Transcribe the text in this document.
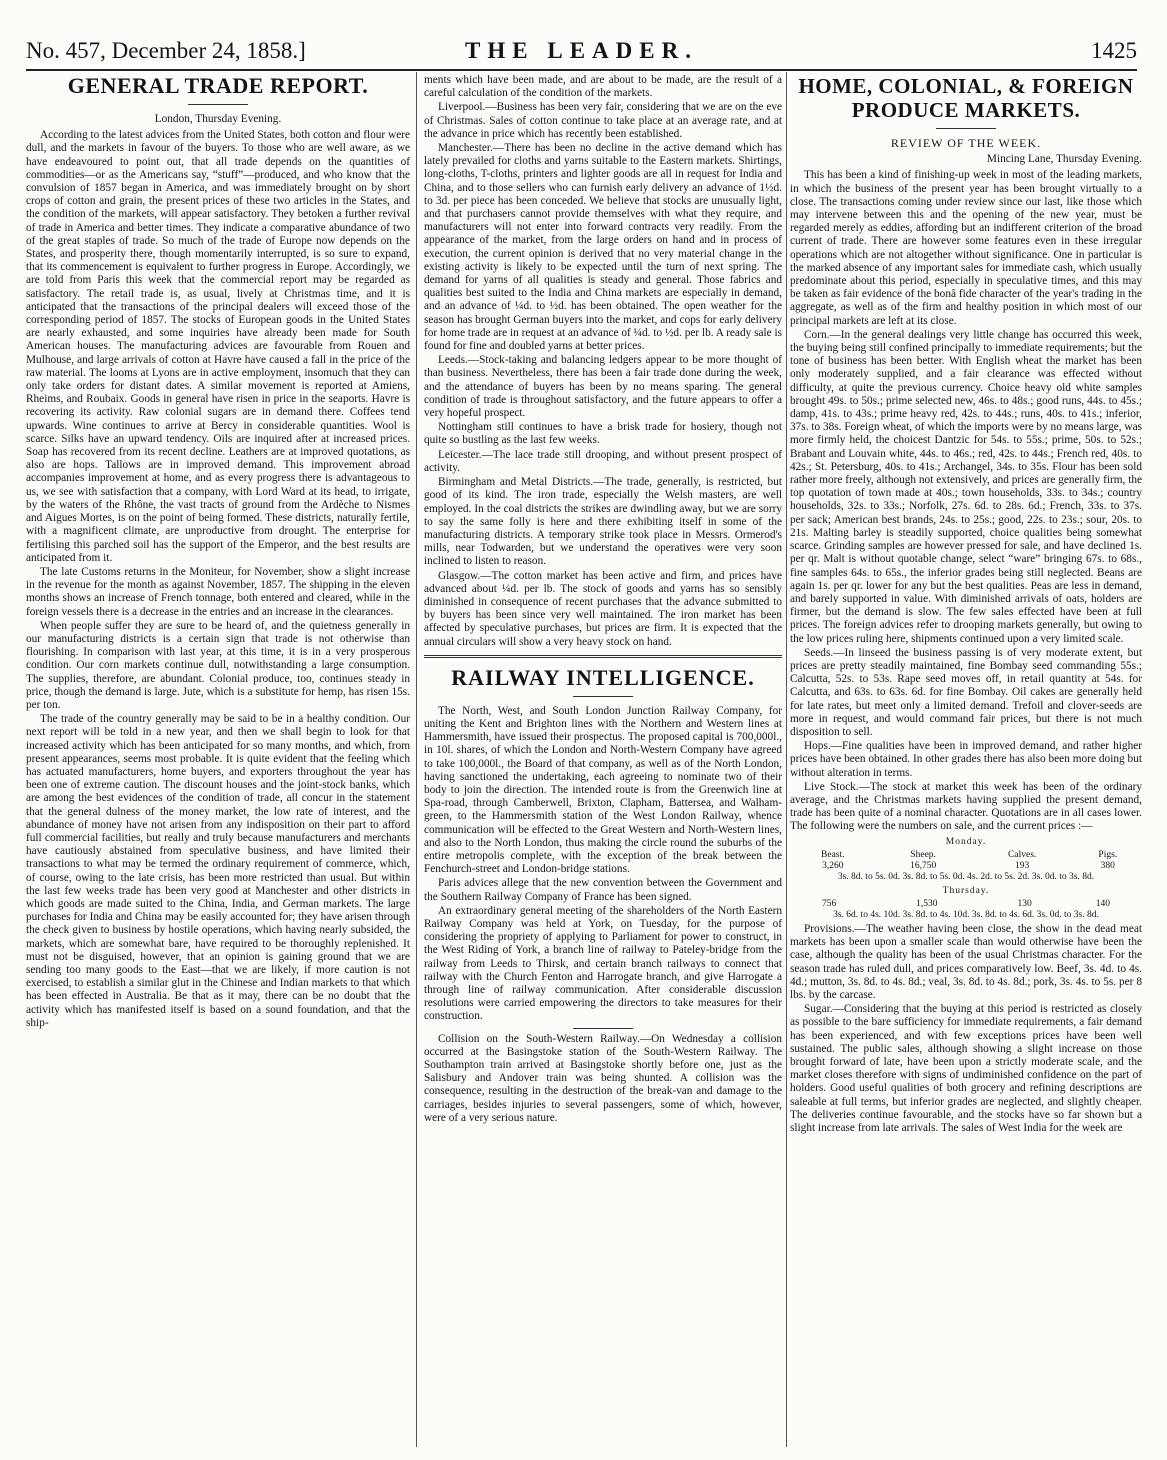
No. 457, December 24, 1858.]	THE LEADER.	1425
GENERAL TRADE REPORT.

London, Thursday Evening.

According to the latest advices from the United States, both cotton and flour were dull, and the markets in favour of the buyers. To those who are well aware, as we have endeavoured to point out, that all trade depends on the quantities of commodities—or as the Americans say, “stuff”—produced, and who know that the convulsion of 1857 began in America, and was immediately brought on by short crops of cotton and grain, the present prices of these two articles in the States, and the condition of the markets, will appear satisfactory. They betoken a further revival of trade in America and better times. They indicate a comparative abundance of two of the great staples of trade. So much of the trade of Europe now depends on the States, and prosperity there, though momentarily interrupted, is so sure to expand, that its commencement is equivalent to further progress in Europe. Accordingly, we are told from Paris this week that the commercial report may be regarded as satisfactory. The retail trade is, as usual, lively at Christmas time, and it is anticipated that the transactions of the principal dealers will exceed those of the corresponding period of 1857. The stocks of European goods in the United States are nearly exhausted, and some inquiries have already been made for South American houses. The manufacturing advices are favourable from Rouen and Mulhouse, and large arrivals of cotton at Havre have caused a fall in the price of the raw material. The looms at Lyons are in active employment, insomuch that they can only take orders for distant dates. A similar movement is reported at Amiens, Rheims, and Roubaix. Goods in general have risen in price in the seaports. Havre is recovering its activity. Raw colonial sugars are in demand there. Coffees tend upwards. Wine continues to arrive at Bercy in considerable quantities. Wool is scarce. Silks have an upward tendency. Oils are inquired after at increased prices. Soap has recovered from its recent decline. Leathers are at improved quotations, as also are hops. Tallows are in improved demand. This improvement abroad accompanies improvement at home, and as every progress there is advantageous to us, we see with satisfaction that a company, with Lord Ward at its head, to irrigate, by the waters of the Rhône, the vast tracts of ground from the Ardèche to Nismes and Aigues Mortes, is on the point of being formed. These districts, naturally fertile, with a magnificent climate, are unproductive from drought. The enterprise for fertilising this parched soil has the support of the Emperor, and the best results are anticipated from it.

The late Customs returns in the Moniteur, for November, show a slight increase in the revenue for the month as against November, 1857. The shipping in the eleven months shows an increase of French tonnage, both entered and cleared, while in the foreign vessels there is a decrease in the entries and an increase in the clearances.

When people suffer they are sure to be heard of, and the quietness generally in our manufacturing districts is a certain sign that trade is not otherwise than flourishing. In comparison with last year, at this time, it is in a very prosperous condition. Our corn markets continue dull, notwithstanding a large consumption. The supplies, therefore, are abundant. Colonial produce, too, continues steady in price, though the demand is large. Jute, which is a substitute for hemp, has risen 15s. per ton.

The trade of the country generally may be said to be in a healthy condition. Our next report will be told in a new year, and then we shall begin to look for that increased activity which has been anticipated for so many months, and which, from present appearances, seems most probable. It is quite evident that the feeling which has actuated manufacturers, home buyers, and exporters throughout the year has been one of extreme caution. The discount houses and the joint-stock banks, which are among the best evidences of the condition of trade, all concur in the statement that the general dulness of the money market, the low rate of interest, and the abundance of money have not arisen from any indisposition on their part to afford full commercial facilities, but really and truly because manufacturers and merchants have cautiously abstained from speculative business, and have limited their transactions to what may be termed the ordinary requirement of commerce, which, of course, owing to the late crisis, has been more restricted than usual. But within the last few weeks trade has been very good at Manchester and other districts in which goods are made suited to the China, India, and German markets. The large purchases for India and China may be easily accounted for; they have arisen through the check given to business by hostile operations, which having nearly subsided, the markets, which are somewhat bare, have required to be thoroughly replenished. It must not be disguised, however, that an opinion is gaining ground that we are sending too many goods to the East—that we are likely, if more caution is not exercised, to establish a similar glut in the Chinese and Indian markets to that which has been effected in Australia. Be that as it may, there can be no doubt that the activity which has manifested itself is based on a sound foundation, and that the ship-

ments which have been made, and are about to be made, are the result of a careful calculation of the condition of the markets.

Liverpool.—Business has been very fair, considering that we are on the eve of Christmas. Sales of cotton continue to take place at an average rate, and at the advance in price which has recently been established.

Manchester.—There has been no decline in the active demand which has lately prevailed for cloths and yarns suitable to the Eastern markets. Shirtings, long-cloths, T-cloths, printers and lighter goods are all in request for India and China, and to those sellers who can furnish early delivery an advance of 1½d. to 3d. per piece has been conceded. We believe that stocks are unusually light, and that purchasers cannot provide themselves with what they require, and manufacturers will not enter into forward contracts very readily. From the appearance of the market, from the large orders on hand and in process of execution, the current opinion is derived that no very material change in the existing activity is likely to be expected until the turn of next spring. The demand for yarns of all qualities is steady and general. Those fabrics and qualities best suited to the India and China markets are especially in demand, and an advance of ¼d. to ½d. has been obtained. The open weather for the season has brought German buyers into the market, and cops for early delivery for home trade are in request at an advance of ¼d. to ½d. per lb. A ready sale is found for fine and doubled yarns at better prices.

Leeds.—Stock-taking and balancing ledgers appear to be more thought of than business. Nevertheless, there has been a fair trade done during the week, and the attendance of buyers has been by no means sparing. The general condition of trade is throughout satisfactory, and the future appears to offer a very hopeful prospect.

Nottingham still continues to have a brisk trade for hosiery, though not quite so bustling as the last few weeks.

Leicester.—The lace trade still drooping, and without present prospect of activity.

Birmingham and Metal Districts.—The trade, generally, is restricted, but good of its kind. The iron trade, especially the Welsh masters, are well employed. In the coal districts the strikes are dwindling away, but we are sorry to say the same folly is here and there exhibiting itself in some of the manufacturing districts. A temporary strike took place in Messrs. Ormerod's mills, near Todwarden, but we understand the operatives were very soon inclined to listen to reason.

Glasgow.—The cotton market has been active and firm, and prices have advanced about ¼d. per lb. The stock of goods and yarns has so sensibly diminished in consequence of recent purchases that the advance submitted to by buyers has been since very well maintained. The iron market has been affected by speculative purchases, but prices are firm. It is expected that the annual circulars will show a very heavy stock on hand.

RAILWAY INTELLIGENCE.

The North, West, and South London Junction Railway Company, for uniting the Kent and Brighton lines with the Northern and Western lines at Hammersmith, have issued their prospectus. The proposed capital is 700,000l., in 10l. shares, of which the London and North-Western Company have agreed to take 100,000l., the Board of that company, as well as of the North London, having sanctioned the undertaking, each agreeing to nominate two of their body to join the direction. The intended route is from the Greenwich line at Spa-road, through Camberwell, Brixton, Clapham, Battersea, and Walham-green, to the Hammersmith station of the West London Railway, whence communication will be effected to the Great Western and North-Western lines, and also to the North London, thus making the circle round the suburbs of the entire metropolis complete, with the exception of the break between the Fenchurch-street and London-bridge stations.

Paris advices allege that the new convention between the Government and the Southern Railway Company of France has been signed.

An extraordinary general meeting of the shareholders of the North Eastern Railway Company was held at York, on Tuesday, for the purpose of considering the propriety of applying to Parliament for power to construct, in the West Riding of York, a branch line of railway to Pateley-bridge from the railway from Leeds to Thirsk, and certain branch railways to connect that railway with the Church Fenton and Harrogate branch, and give Harrogate a through line of railway communication. After considerable discussion resolutions were carried empowering the directors to take measures for their construction.

Collision on the South-Western Railway.—On Wednesday a collision occurred at the Basingstoke station of the South-Western Railway. The Southampton train arrived at Basingstoke shortly before one, just as the Salisbury and Andover train was being shunted. A collision was the consequence, resulting in the destruction of the break-van and damage to the carriages, besides injuries to several passengers, some of which, however, were of a very serious nature.

HOME, COLONIAL, & FOREIGN PRODUCE MARKETS.

REVIEW OF THE WEEK.

Mincing Lane, Thursday Evening.

This has been a kind of finishing-up week in most of the leading markets, in which the business of the present year has been brought virtually to a close. The transactions coming under review since our last, like those which may intervene between this and the opening of the new year, must be regarded merely as eddies, affording but an indifferent criterion of the broad current of trade. There are however some features even in these irregular operations which are not altogether without significance. One in particular is the marked absence of any important sales for immediate cash, which usually predominate about this period, especially in speculative times, and this may be taken as fair evidence of the bonâ fide character of the year's trading in the aggregate, as well as of the firm and healthy position in which most of our principal markets are left at its close.

Corn.—In the general dealings very little change has occurred this week, the buying being still confined principally to immediate requirements; but the tone of business has been better. With English wheat the market has been only moderately supplied, and a fair clearance was effected without difficulty, at quite the previous currency. Choice heavy old white samples brought 49s. to 50s.; prime selected new, 46s. to 48s.; good runs, 44s. to 45s.; damp, 41s. to 43s.; prime heavy red, 42s. to 44s.; runs, 40s. to 41s.; inferior, 37s. to 38s. Foreign wheat, of which the imports were by no means large, was more firmly held, the choicest Dantzic for 54s. to 55s.; prime, 50s. to 52s.; Brabant and Louvain white, 44s. to 46s.; red, 42s. to 44s.; French red, 40s. to 42s.; St. Petersburg, 40s. to 41s.; Archangel, 34s. to 35s. Flour has been sold rather more freely, although not extensively, and prices are generally firm, the top quotation of town made at 40s.; town households, 33s. to 34s.; country households, 32s. to 33s.; Norfolk, 27s. 6d. to 28s. 6d.; French, 33s. to 37s. per sack; American best brands, 24s. to 25s.; good, 22s. to 23s.; sour, 20s. to 21s. Malting barley is steadily supported, choice qualities being somewhat scarce. Grinding samples are however pressed for sale, and have declined 1s. per qr. Malt is without quotable change, select “ware” bringing 67s. to 68s., fine samples 64s. to 65s., the inferior grades being still neglected. Beans are again 1s. per qr. lower for any but the best qualities. Peas are less in demand, and barely supported in value. With diminished arrivals of oats, holders are firmer, but the demand is slow. The few sales effected have been at full prices. The foreign advices refer to drooping markets generally, but owing to the low prices ruling here, shipments continued upon a very limited scale.

Seeds.—In linseed the business passing is of very moderate extent, but prices are pretty steadily maintained, fine Bombay seed commanding 55s.; Calcutta, 52s. to 53s. Rape seed moves off, in retail quantity at 54s. for Calcutta, and 63s. to 63s. 6d. for fine Bombay. Oil cakes are generally held for late rates, but meet only a limited demand. Trefoil and clover-seeds are more in request, and would command fair prices, but there is not much disposition to sell.

Hops.—Fine qualities have been in improved demand, and rather higher prices have been obtained. In other grades there has also been more doing but without alteration in terms.

Live Stock.—The stock at market this week has been of the ordinary average, and the Christmas markets having supplied the present demand, trade has been quite of a nominal character. Quotations are in all cases lower. The following were the numbers on sale, and the current prices :—

Monday.

Beast.	Sheep.	Calves.	Pigs.
3,260	16,750	193	380
3s. 8d. to 5s. 0d. 3s. 8d. to 5s. 0d. 4s. 2d. to 5s. 2d. 3s. 0d. to 3s. 8d.			

Thursday.

756	1,530	130	140
3s. 6d. to 4s. 10d. 3s. 8d. to 4s. 10d. 3s. 8d. to 4s. 6d. 3s. 0d. to 3s. 8d.

Provisions.—The weather having been close, the show in the dead meat markets has been upon a smaller scale than would otherwise have been the case, although the quality has been of the usual Christmas character. For the season trade has ruled dull, and prices comparatively low. Beef, 3s. 4d. to 4s. 4d.; mutton, 3s. 8d. to 4s. 8d.; veal, 3s. 8d. to 4s. 8d.; pork, 3s. 4s. to 5s. per 8 lbs. by the carcase.

Sugar.—Considering that the buying at this period is restricted as closely as possible to the bare sufficiency for immediate requirements, a fair demand has been experienced, and with few exceptions prices have been well sustained. The public sales, although showing a slight increase on those brought forward of late, have been upon a strictly moderate scale, and the market closes therefore with signs of undiminished confidence on the part of holders. Good useful qualities of both grocery and refining descriptions are saleable at full terms, but inferior grades are neglected, and slightly cheaper. The deliveries continue favourable, and the stocks have so far shown but a slight increase from late arrivals. The sales of West India for the week are
